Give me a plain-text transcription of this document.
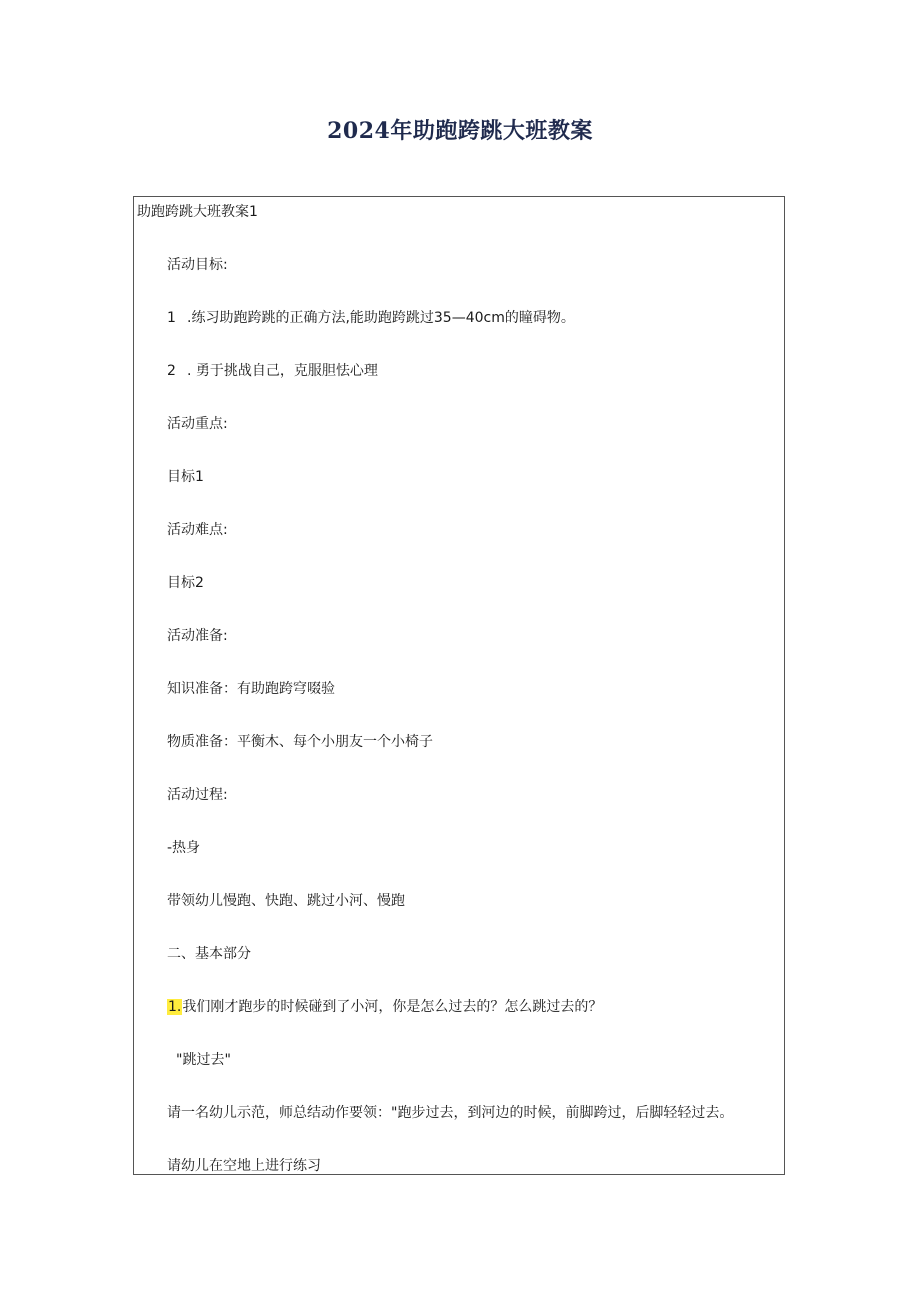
2024年助跑跨跳大班教案
助跑跨跳大班教案1
活动目标:
1 .练习助跑跨跳的正确方法,能助跑跨跳过35—40cm的瞳碍物。
2 . 勇于挑战自己，克服胆怯心理
活动重点:
目标1
活动难点:
目标2
活动准备:
知识准备：有助跑跨穹啜验
物质准备：平衡木、每个小朋友一个小椅子
活动过程:
-热身
带领幼儿慢跑、快跑、跳过小河、慢跑
二、基本部分
1.我们刚才跑步的时候碰到了小河，你是怎么过去的？怎么跳过去的？
"跳过去"
请一名幼儿示范，师总结动作要领："跑步过去，到河边的时候，前脚跨过，后脚轻轻过去。
请幼儿在空地上进行练习
